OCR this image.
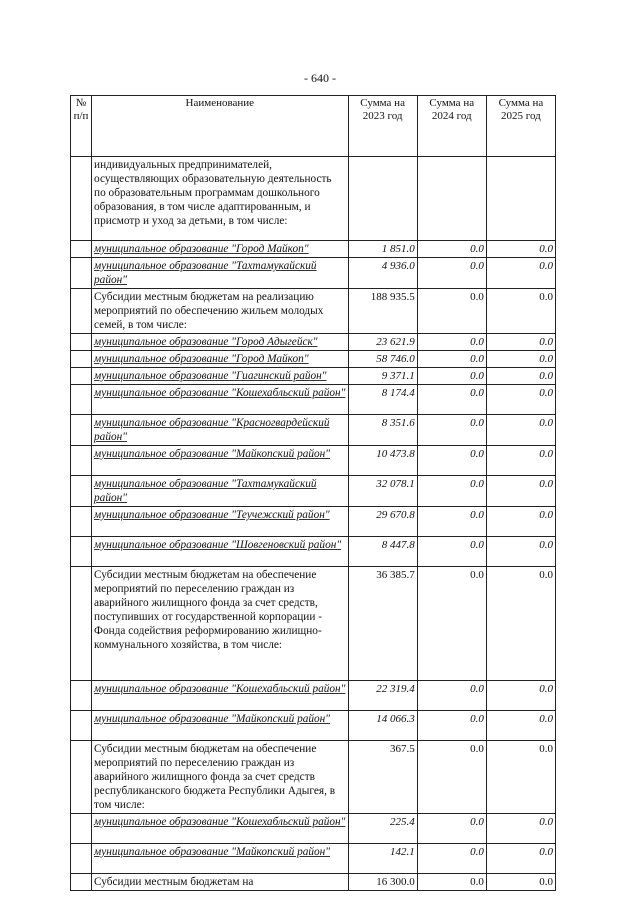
- 640 -
№ п/п	Наименование	Сумма на 2023 год	Сумма на 2024 год	Сумма на 2025 год
	индивидуальных предпринимателей, осуществляющих образовательную деятельность по образовательным программам дошкольного образования, в том числе адаптированным, и присмотр и уход за детьми, в том числе:			
	муниципальное образование "Город Майкоп"	1 851.0	0.0	0.0
	муниципальное образование "Тахтамукайский район"	4 936.0	0.0	0.0
	Субсидии местным бюджетам на реализацию мероприятий по обеспечению жильем молодых семей, в том числе:	188 935.5	0.0	0.0
	муниципальное образование "Город Адыгейск"	23 621.9	0.0	0.0
	муниципальное образование "Город Майкоп"	58 746.0	0.0	0.0
	муниципальное образование "Гиагинский район"	9 371.1	0.0	0.0
	муниципальное образование "Кошехабльский район"	8 174.4	0.0	0.0
	муниципальное образование "Красногвардейский район"	8 351.6	0.0	0.0
	муниципальное образование "Майкопский район"	10 473.8	0.0	0.0
	муниципальное образование "Тахтамукайский район"	32 078.1	0.0	0.0
	муниципальное образование "Теучежский район"	29 670.8	0.0	0.0
	муниципальное образование "Шовгеновский район"	8 447.8	0.0	0.0
	Субсидии местным бюджетам на обеспечение мероприятий по переселению граждан из аварийного жилищного фонда за счет средств, поступивших от государственной корпорации - Фонда содействия реформированию жилищно-коммунального хозяйства, в том числе:	36 385.7	0.0	0.0
	муниципальное образование "Кошехабльский район"	22 319.4	0.0	0.0
	муниципальное образование "Майкопский район"	14 066.3	0.0	0.0
	Субсидии местным бюджетам на обеспечение мероприятий по переселению граждан из аварийного жилищного фонда за счет средств республиканского бюджета Республики Адыгея, в том числе:	367.5	0.0	0.0
	муниципальное образование "Кошехабльский район"	225.4	0.0	0.0
	муниципальное образование "Майкопский район"	142.1	0.0	0.0
	Субсидии местным бюджетам на	16 300.0	0.0	0.0
